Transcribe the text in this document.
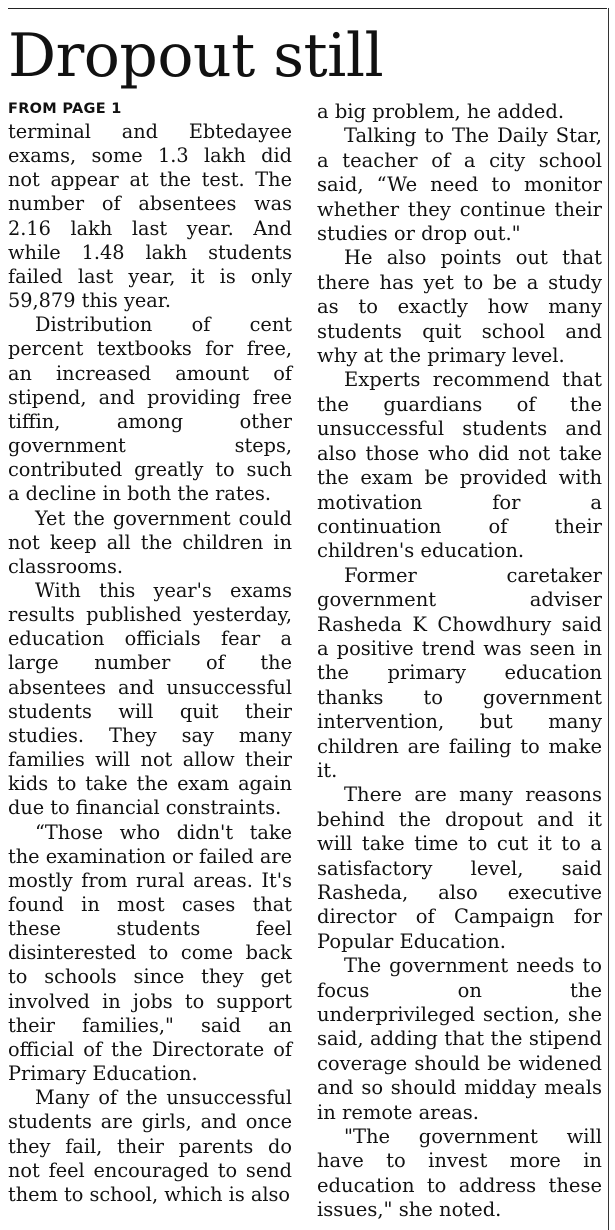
Dropout still
FROM PAGE 1

terminal and Ebtedayee exams, some 1.3 lakh did not appear at the test. The number of absentees was 2.16 lakh last year. And while 1.48 lakh students failed last year, it is only 59,879 this year.

Distribution of cent percent textbooks for free, an increased amount of stipend, and providing free tiffin, among other government steps, contributed greatly to such a decline in both the rates.

Yet the government could not keep all the children in classrooms.

With this year's exams results published yesterday, education officials fear a large number of the absentees and unsuccessful students will quit their studies. They say many families will not allow their kids to take the exam again due to financial constraints.

“Those who didn't take the examination or failed are mostly from rural areas. It's found in most cases that these students feel disinterested to come back to schools since they get involved in jobs to support their families," said an official of the Directorate of Primary Education.

Many of the unsuccessful students are girls, and once they fail, their parents do not feel encouraged to send them to school, which is also

a big problem, he added.

Talking to The Daily Star, a teacher of a city school said, “We need to monitor whether they continue their studies or drop out."

He also points out that there has yet to be a study as to exactly how many students quit school and why at the primary level.

Experts recommend that the guardians of the unsuccessful students and also those who did not take the exam be provided with motivation for a continuation of their children's education.

Former caretaker government adviser Rasheda K Chowdhury said a positive trend was seen in the primary education thanks to government intervention, but many children are failing to make it.

There are many reasons behind the dropout and it will take time to cut it to a satisfactory level, said Rasheda, also executive director of Campaign for Popular Education.

The government needs to focus on the underprivileged section, she said, adding that the stipend coverage should be widened and so should midday meals in remote areas.

"The government will have to invest more in education to address these issues," she noted.
